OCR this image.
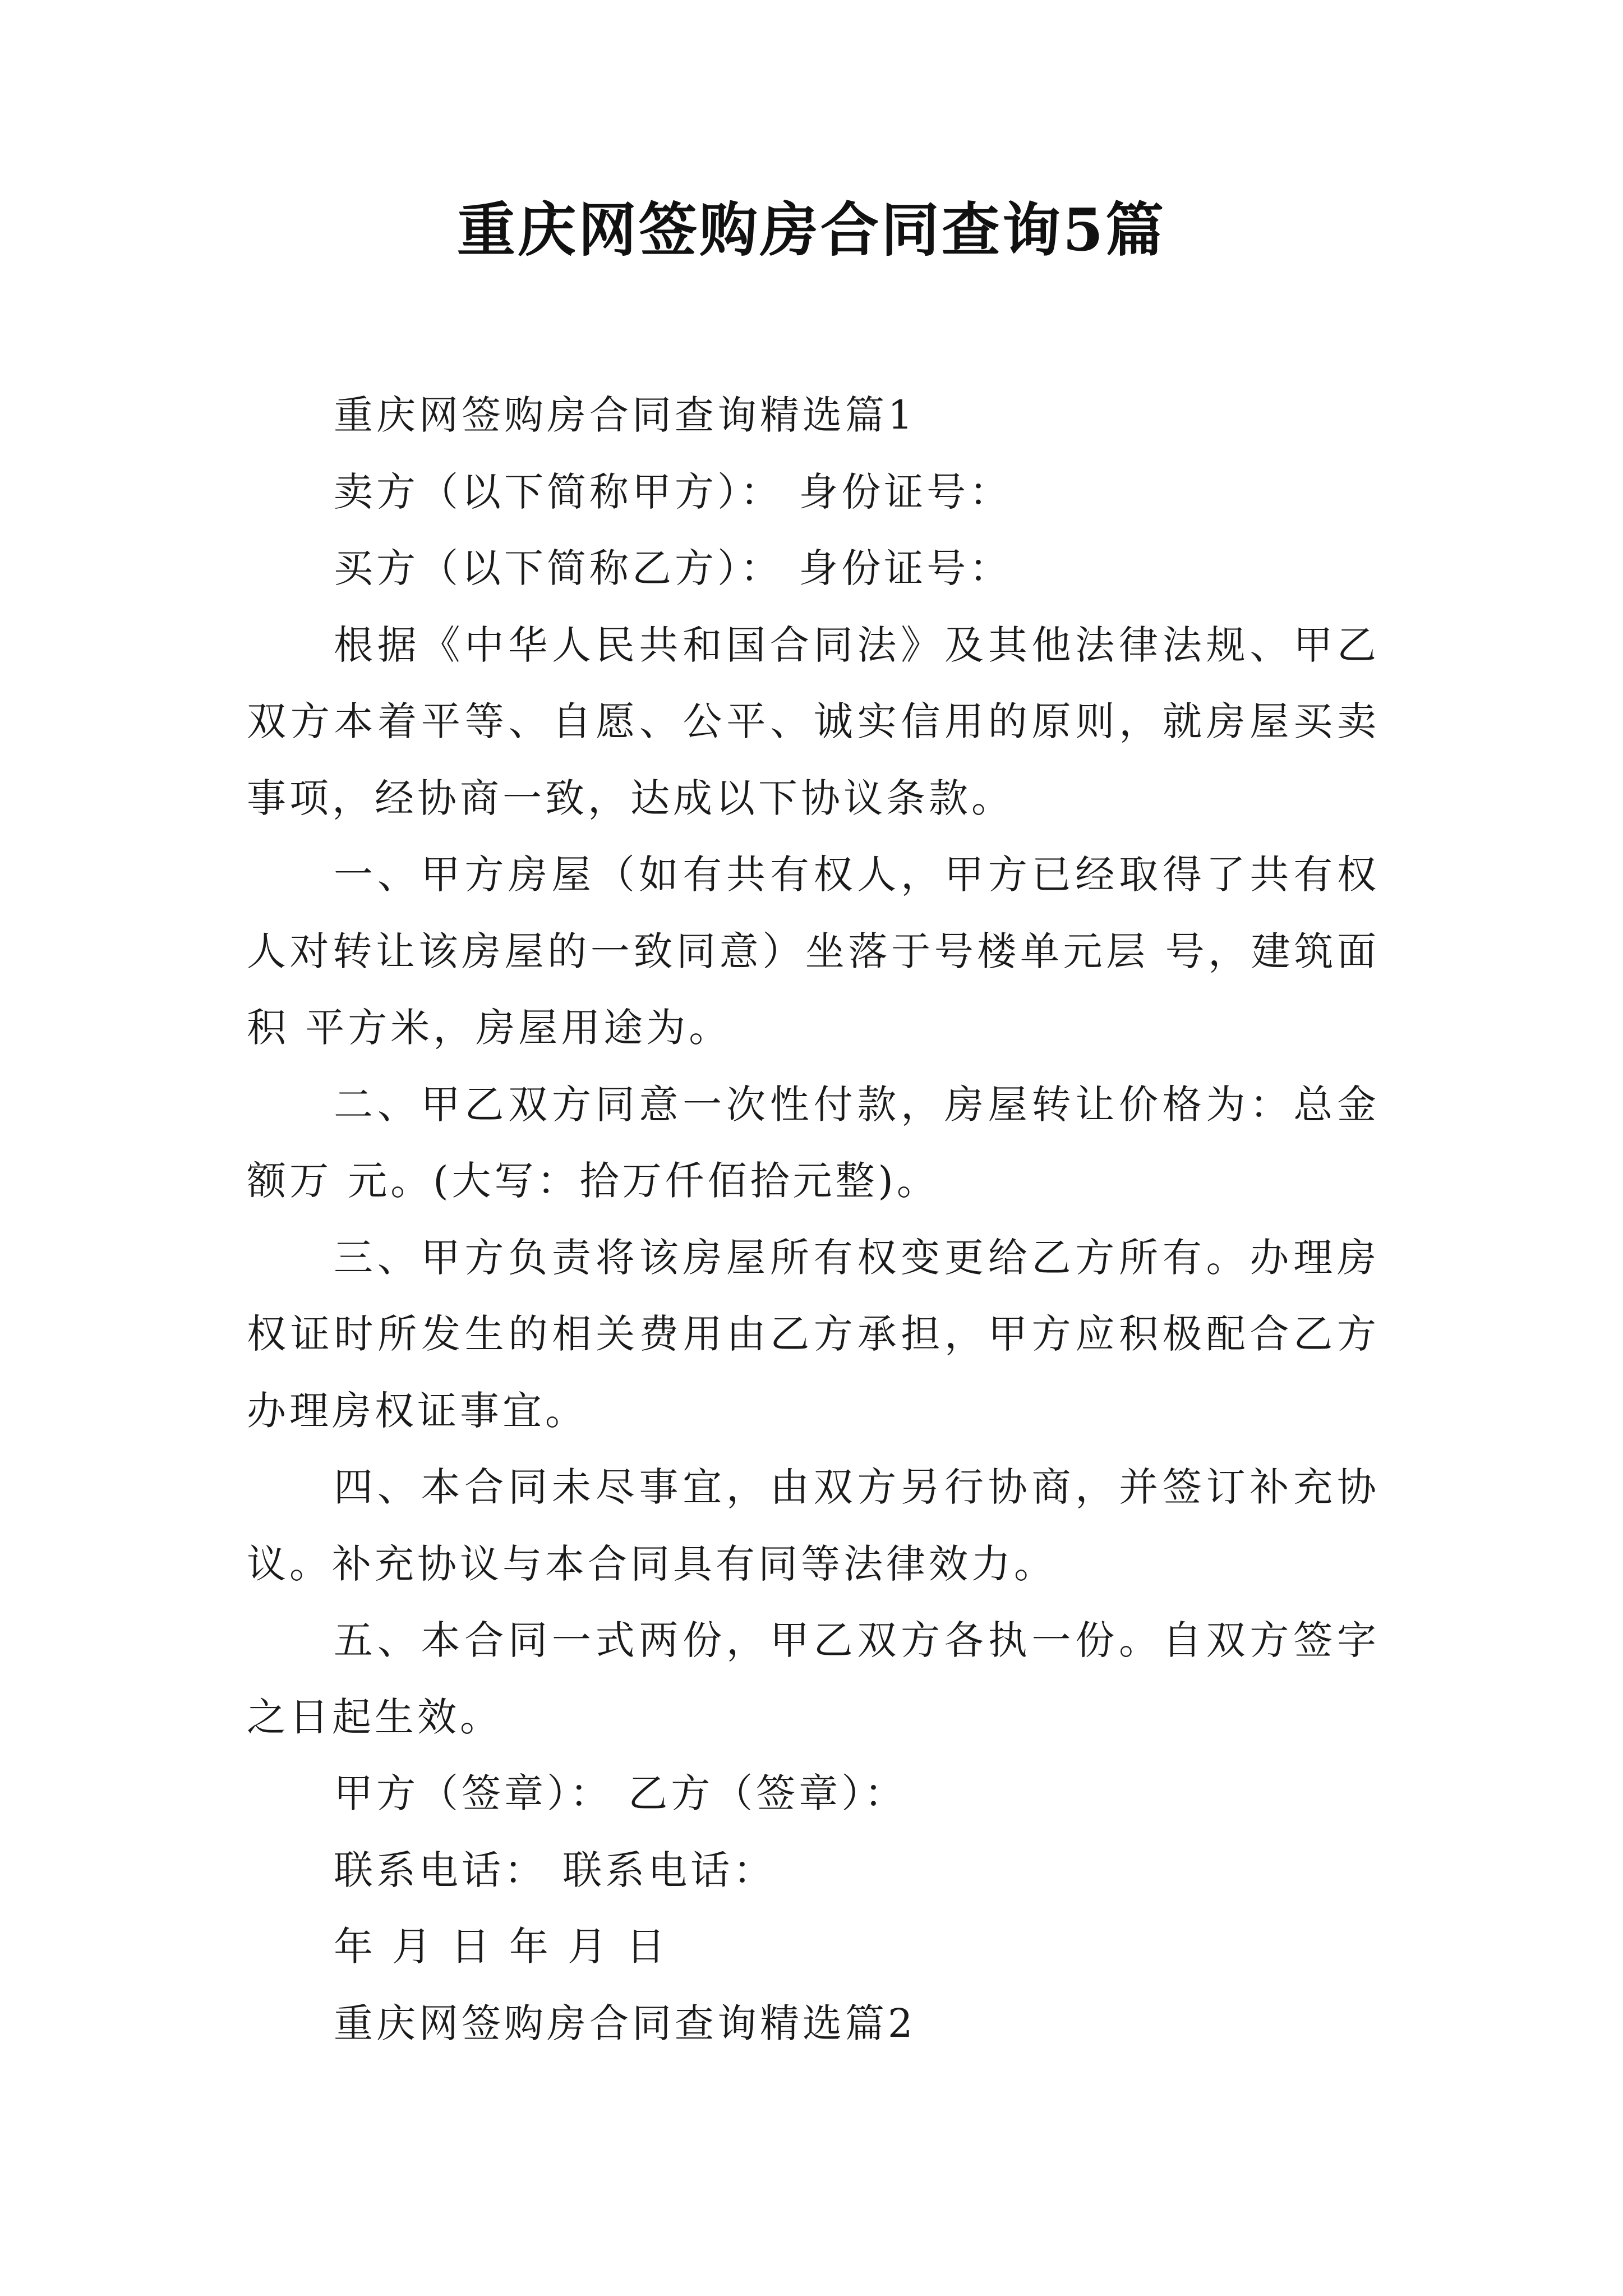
重庆网签购房合同查询5篇

重庆网签购房合同查询精选篇1

卖方（以下简称甲方）： 身份证号：

买方（以下简称乙方）： 身份证号：

根据《中华人民共和国合同法》及其他法律法规、甲乙双方本着平等、自愿、公平、诚实信用的原则，就房屋买卖事项，经协商一致，达成以下协议条款。

一、甲方房屋（如有共有权人，甲方已经取得了共有权人对转让该房屋的一致同意）坐落于号楼单元层 号，建筑面积 平方米，房屋用途为。

二、甲乙双方同意一次性付款，房屋转让价格为：总金额万 元。(大写：拾万仟佰拾元整)。

三、甲方负责将该房屋所有权变更给乙方所有。办理房权证时所发生的相关费用由乙方承担，甲方应积极配合乙方办理房权证事宜。

四、本合同未尽事宜，由双方另行协商，并签订补充协议。补充协议与本合同具有同等法律效力。

五、本合同一式两份，甲乙双方各执一份。自双方签字之日起生效。

甲方（签章）： 乙方（签章）：

联系电话： 联系电话：

年 月 日 年 月 日

重庆网签购房合同查询精选篇2
